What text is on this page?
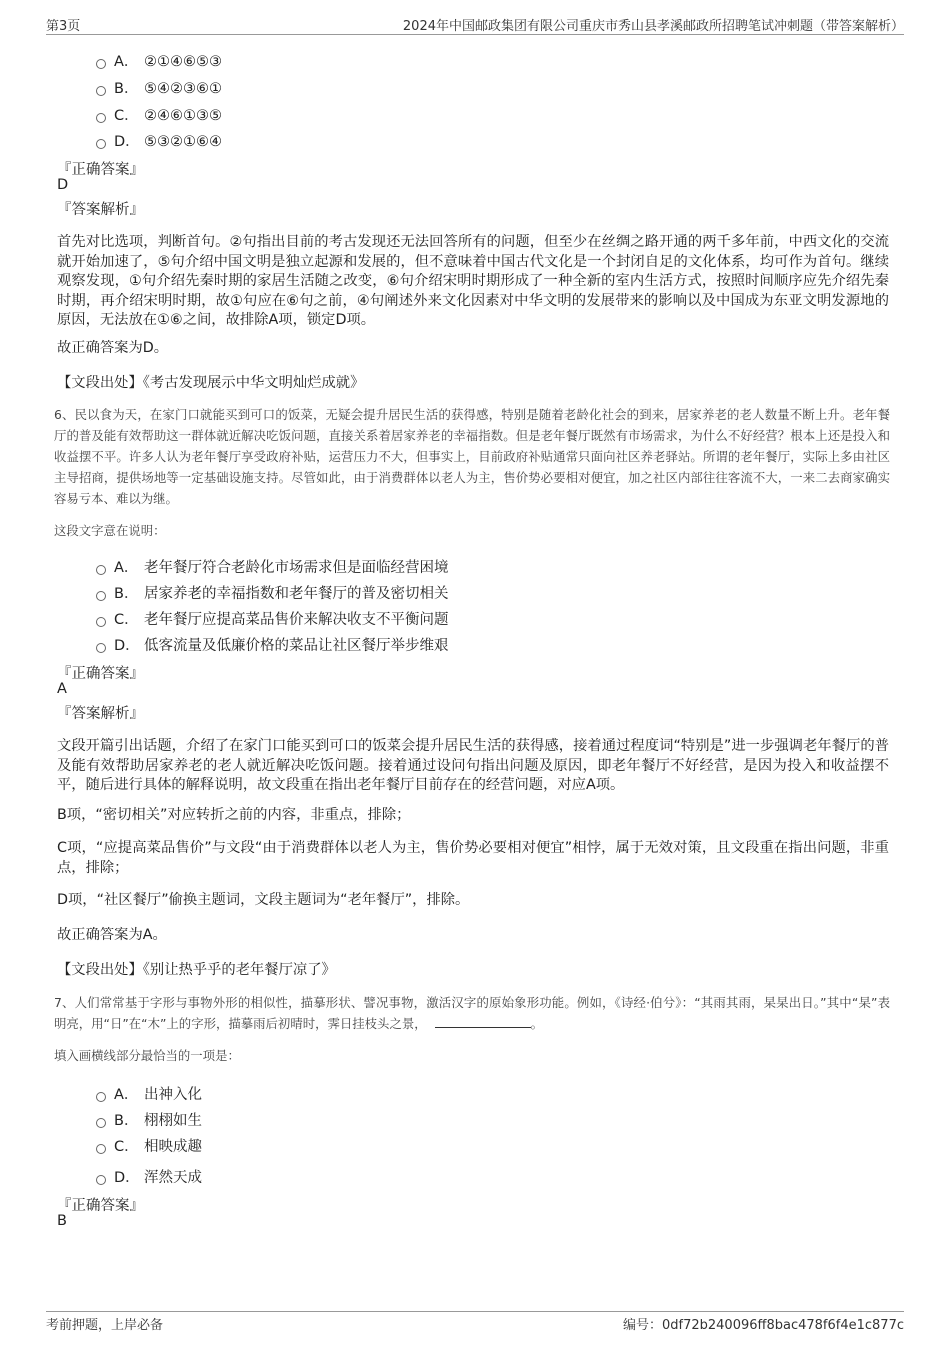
第3页	2024年中国邮政集团有限公司重庆市秀山县孝溪邮政所招聘笔试冲刺题（带答案解析）
A． ②①④⑥⑤③
B． ⑤④②③⑥①
C． ②④⑥①③⑤
D． ⑤③②①⑥④
『正确答案』
D
『答案解析』
首先对比选项，判断首句。②句指出目前的考古发现还无法回答所有的问题，但至少在丝绸之路开通的两千多年前，中西文化的交流就开始加速了，⑤句介绍中国文明是独立起源和发展的，但不意味着中国古代文化是一个封闭自足的文化体系，均可作为首句。继续观察发现，①句介绍先秦时期的家居生活随之改变，⑥句介绍宋明时期形成了一种全新的室内生活方式，按照时间顺序应先介绍先秦时期，再介绍宋明时期，故①句应在⑥句之前，④句阐述外来文化因素对中华文明的发展带来的影响以及中国成为东亚文明发源地的原因，无法放在①⑥之间，故排除A项，锁定D项。
故正确答案为D。
【文段出处】《考古发现展示中华文明灿烂成就》
6、民以食为天，在家门口就能买到可口的饭菜，无疑会提升居民生活的获得感，特别是随着老龄化社会的到来，居家养老的老人数量不断上升。老年餐厅的普及能有效帮助这一群体就近解决吃饭问题，直接关系着居家养老的幸福指数。但是老年餐厅既然有市场需求，为什么不好经营？根本上还是投入和收益摆不平。许多人认为老年餐厅享受政府补贴，运营压力不大，但事实上，目前政府补贴通常只面向社区养老驿站。所谓的老年餐厅，实际上多由社区主导招商，提供场地等一定基础设施支持。尽管如此，由于消费群体以老人为主，售价势必要相对便宜，加之社区内部往往客流不大，一来二去商家确实容易亏本、难以为继。
这段文字意在说明：
A． 老年餐厅符合老龄化市场需求但是面临经营困境
B． 居家养老的幸福指数和老年餐厅的普及密切相关
C． 老年餐厅应提高菜品售价来解决收支不平衡问题
D． 低客流量及低廉价格的菜品让社区餐厅举步维艰
『正确答案』
A
『答案解析』
文段开篇引出话题，介绍了在家门口能买到可口的饭菜会提升居民生活的获得感，接着通过程度词“特别是”进一步强调老年餐厅的普及能有效帮助居家养老的老人就近解决吃饭问题。接着通过设问句指出问题及原因，即老年餐厅不好经营，是因为投入和收益摆不平，随后进行具体的解释说明，故文段重在指出老年餐厅目前存在的经营问题，对应A项。
B项，“密切相关”对应转折之前的内容，非重点，排除；
C项，“应提高菜品售价”与文段“由于消费群体以老人为主，售价势必要相对便宜”相悖，属于无效对策，且文段重在指出问题，非重点，排除；
D项，“社区餐厅”偷换主题词，文段主题词为“老年餐厅”，排除。
故正确答案为A。
【文段出处】《别让热乎乎的老年餐厅凉了》
7、人们常常基于字形与事物外形的相似性，描摹形状、譬况事物，激活汉字的原始象形功能。例如，《诗经·伯兮》：“其雨其雨，杲杲出日。”其中“杲”表明亮，用“日”在“木”上的字形，描摹雨后初晴时，霁日挂枝头之景，	。
填入画横线部分最恰当的一项是：
A． 出神入化
B． 栩栩如生
C． 相映成趣
D． 浑然天成
『正确答案』
B
考前押题，上岸必备	编号：0df72b240096ff8bac478f6f4e1c877c
